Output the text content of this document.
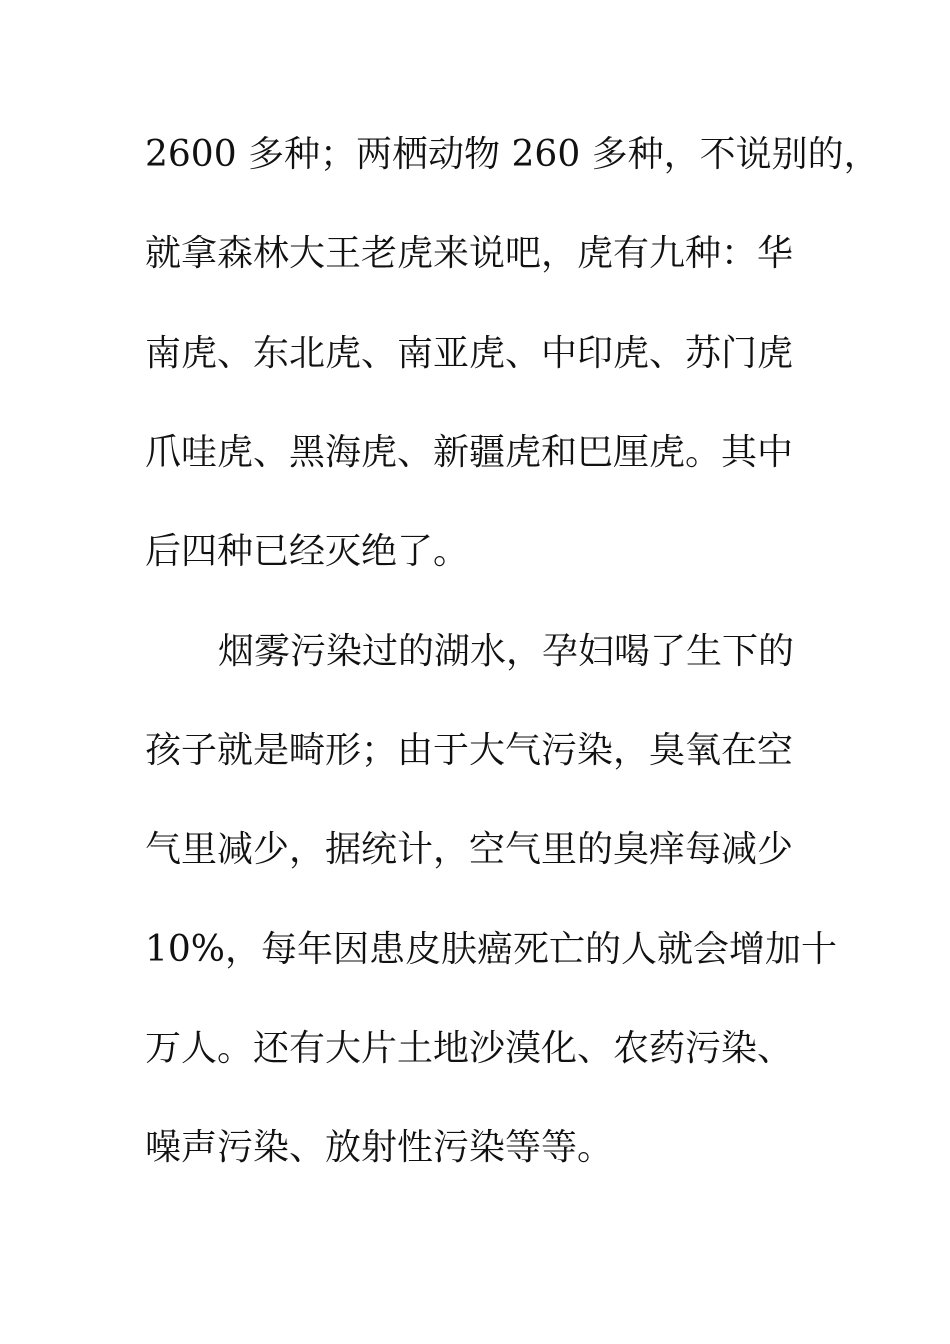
2600 多种；两栖动物 260 多种，不说别的，
就拿森林大王老虎来说吧，虎有九种：华
南虎、东北虎、南亚虎、中印虎、苏门虎
爪哇虎、黑海虎、新疆虎和巴厘虎。其中
后四种已经灭绝了。
烟雾污染过的湖水，孕妇喝了生下的
孩子就是畸形；由于大气污染，臭氧在空
气里减少，据统计，空气里的臭痒每减少
10%，每年因患皮肤癌死亡的人就会增加十
万人。还有大片土地沙漠化、农药污染、
噪声污染、放射性污染等等。
